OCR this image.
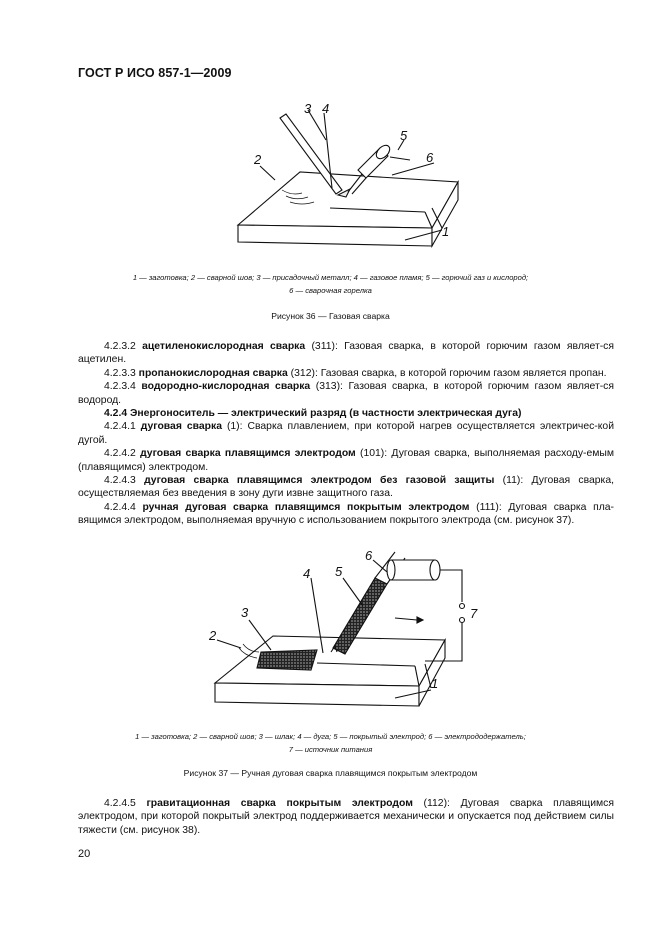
ГОСТ Р ИСО 857-1—2009
3 4
5
6
2
1
1 — заготовка; 2 — сварной шов; 3 — присадочный металл; 4 — газовое пламя; 5 — горючий газ и кислород;
6 — сварочная горелка
Рисунок 36 — Газовая сварка

4.2.3.2 ацетиленокислородная сварка (311): Газовая сварка, в которой горючим газом являет-ся ацетилен.

4.2.3.3 пропанокислородная сварка (312): Газовая сварка, в которой горючим газом является пропан.

4.2.3.4 водородно-кислородная сварка (313): Газовая сварка, в которой горючим газом являет-ся водород.

4.2.4 Энергоноситель — электрический разряд (в частности электрическая дуга)

4.2.4.1 дуговая сварка (1): Сварка плавлением, при которой нагрев осуществляется электричес-кой дугой.

4.2.4.2 дуговая сварка плавящимся электродом (101): Дуговая сварка, выполняемая расходу-емым (плавящимся) электродом.

4.2.4.3 дуговая сварка плавящимся электродом без газовой защиты (11): Дуговая сварка, осуществляемая без введения в зону дуги извне защитного газа.

4.2.4.4 ручная дуговая сварка плавящимся покрытым электродом (111): Дуговая сварка пла-вящимся электродом, выполняемая вручную с использованием покрытого электрода (см. рисунок 37).

4 5
6
7
3
2
1
1 — заготовка; 2 — сварной шов; 3 — шлак; 4 — дуга; 5 — покрытый электрод; 6 — электрододержатель;
7 — источник питания
Рисунок 37 — Ручная дуговая сварка плавящимся покрытым электродом

4.2.4.5 гравитационная сварка покрытым электродом (112): Дуговая сварка плавящимся электродом, при которой покрытый электрод поддерживается механически и опускается под действием силы тяжести (см. рисунок 38).

20
